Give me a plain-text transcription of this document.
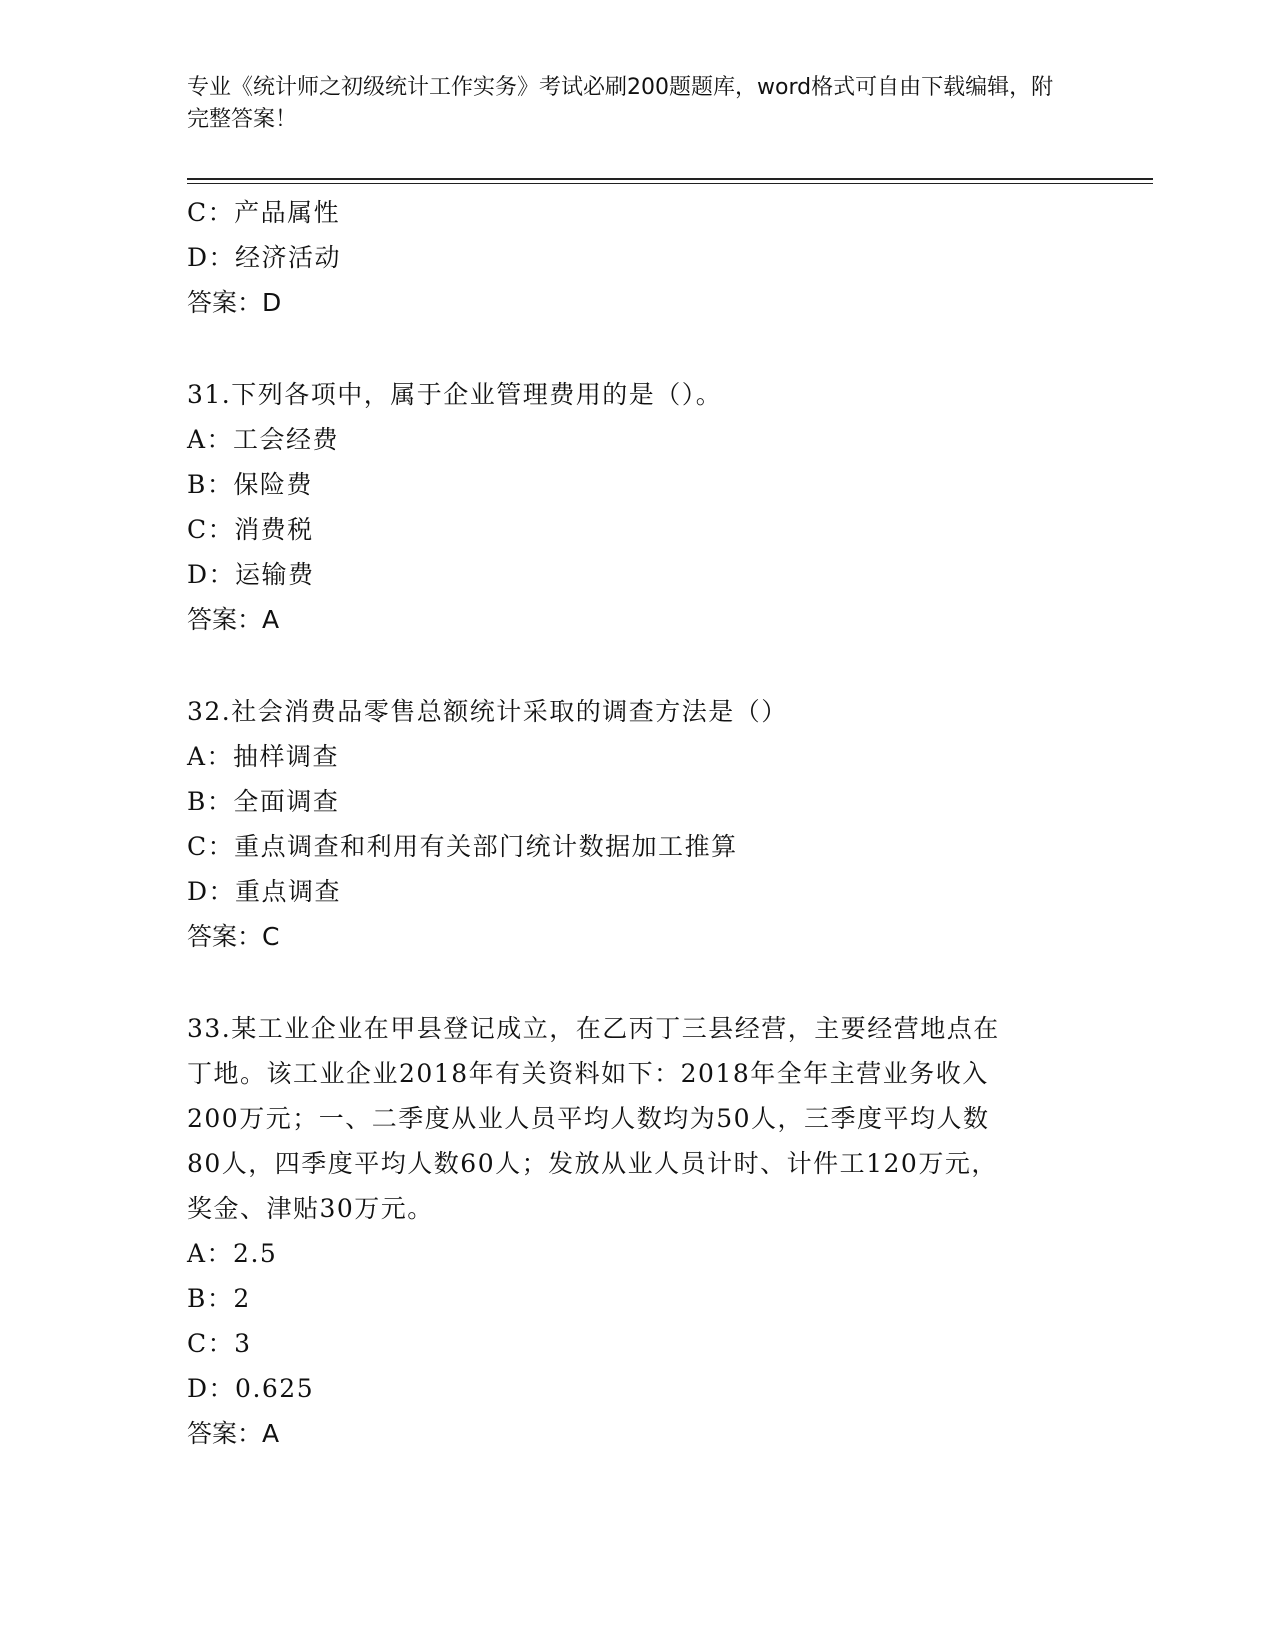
专业《统计师之初级统计工作实务》考试必刷200题题库，word格式可自由下载编辑，附完整答案！
C：产品属性
D：经济活动
答案：D
31.下列各项中，属于企业管理费用的是（）。
A：工会经费
B：保险费
C：消费税
D：运输费
答案：A
32.社会消费品零售总额统计采取的调查方法是（）
A：抽样调查
B：全面调查
C：重点调查和利用有关部门统计数据加工推算
D：重点调查
答案：C
33.某工业企业在甲县登记成立，在乙丙丁三县经营，主要经营地点在
丁地。该工业企业2018年有关资料如下：2018年全年主营业务收入
200万元；一、二季度从业人员平均人数均为50人，三季度平均人数
80人，四季度平均人数60人；发放从业人员计时、计件工120万元，
奖金、津贴30万元。
A：2.5
B：2
C：3
D：0.625
答案：A
